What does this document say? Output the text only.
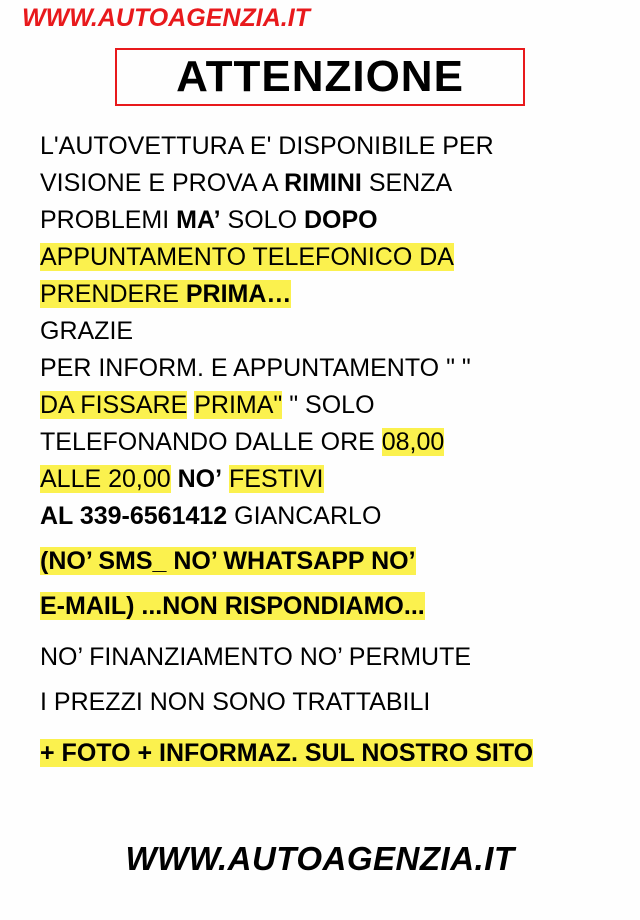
WWW.AUTOAGENZIA.IT
ATTENZIONE
L'AUTOVETTURA E' DISPONIBILE PER
VISIONE E PROVA A RIMINI SENZA
PROBLEMI MA’ SOLO DOPO
APPUNTAMENTO TELEFONICO DA
PRENDERE PRIMA…
GRAZIE
PER INFORM. E APPUNTAMENTO " "
DA FISSARE PRIMA" " SOLO
TELEFONANDO DALLE ORE 08,00
ALLE 20,00 NO’ FESTIVI
AL 339-6561412 GIANCARLO
(NO’ SMS_ NO’ WHATSAPP NO’
E-MAIL) ...NON RISPONDIAMO...
NO’ FINANZIAMENTO NO’ PERMUTE
I PREZZI NON SONO TRATTABILI
+ FOTO + INFORMAZ. SUL NOSTRO SITO
WWW.AUTOAGENZIA.IT
